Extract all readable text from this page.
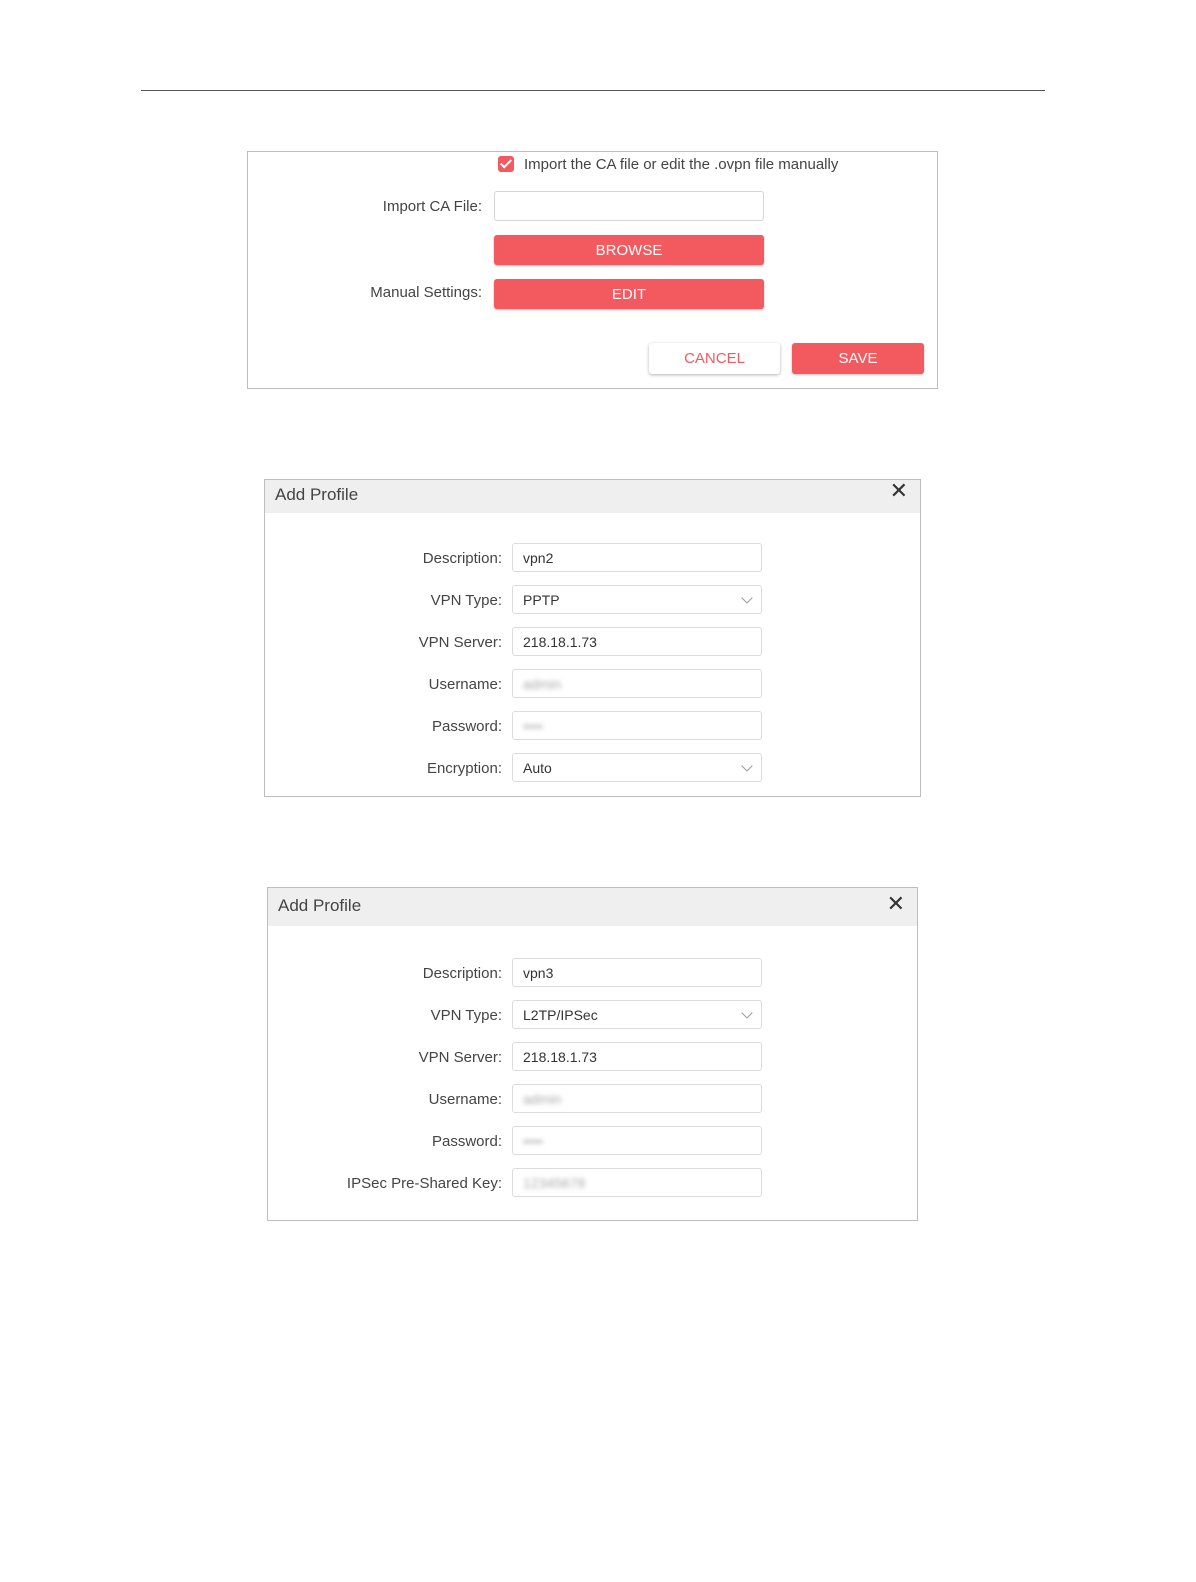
Import the CA file or edit the .ovpn file manually
Import CA File:
BROWSE
Manual Settings:	EDIT
CANCEL	SAVE
Add Profile	✕
Description: vpn2
VPN Type: PPTP
VPN Server: 218.18.1.73
Username: admin
Password: ••••
Encryption: Auto
Add Profile	✕
Description: vpn3
VPN Type: L2TP/IPSec
VPN Server: 218.18.1.73
Username: admin
Password: ••••
IPSec Pre-Shared Key: 12345678
